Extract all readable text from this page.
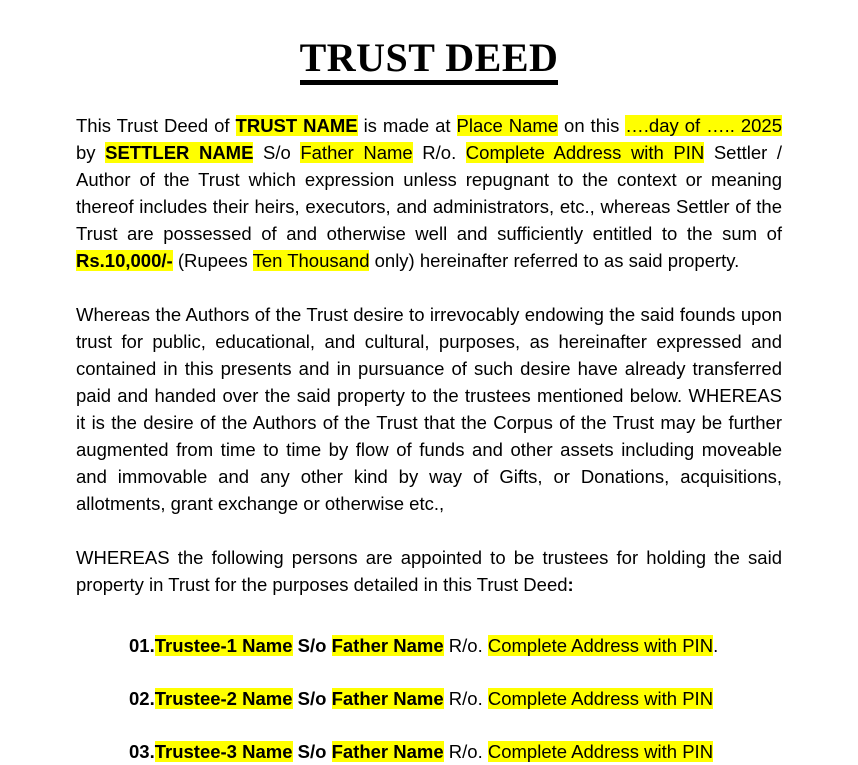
TRUST DEED

This Trust Deed of TRUST NAME is made at Place Name on this ….day of ….. 2025 by SETTLER NAME S/o Father Name R/o. Complete Address with PIN Settler / Author of the Trust which expression unless repugnant to the context or meaning thereof includes their heirs, executors, and administrators, etc., whereas Settler of the Trust are possessed of and otherwise well and sufficiently entitled to the sum of Rs.10,000/- (Rupees Ten Thousand only) hereinafter referred to as said property.

Whereas the Authors of the Trust desire to irrevocably endowing the said founds upon trust for public, educational, and cultural, purposes, as hereinafter expressed and contained in this presents and in pursuance of such desire have already transferred paid and handed over the said property to the trustees mentioned below. WHEREAS it is the desire of the Authors of the Trust that the Corpus of the Trust may be further augmented from time to time by flow of funds and other assets including moveable and immovable and any other kind by way of Gifts, or Donations, acquisitions, allotments, grant exchange or otherwise etc.,

WHEREAS the following persons are appointed to be trustees for holding the said property in Trust for the purposes detailed in this Trust Deed:

01.Trustee-1 Name S/o Father Name R/o. Complete Address with PIN.
02.Trustee-2 Name S/o Father Name R/o. Complete Address with PIN
03.Trustee-3 Name S/o Father Name R/o. Complete Address with PIN
